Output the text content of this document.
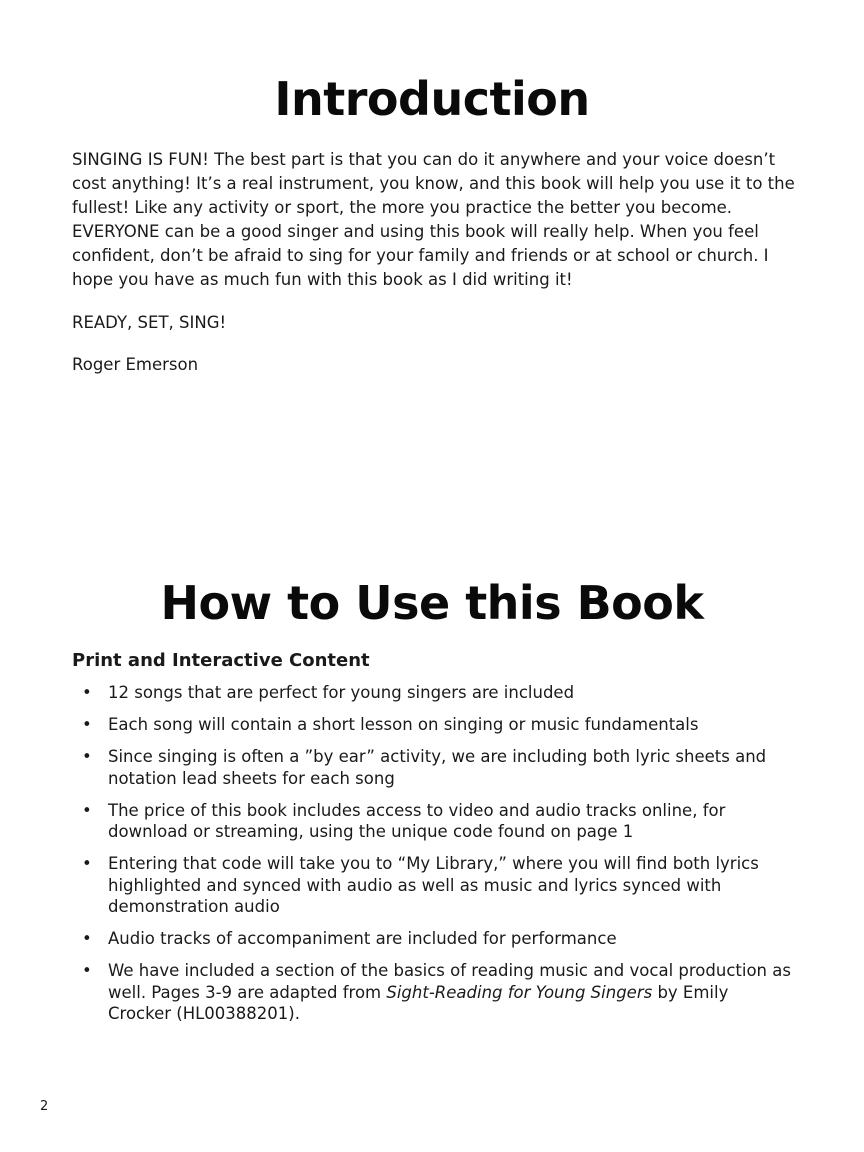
Introduction

SINGING IS FUN! The best part is that you can do it anywhere and your voice doesn’t cost anything! It’s a real instrument, you know, and this book will help you use it to the fullest! Like any activity or sport, the more you practice the better you become. EVERYONE can be a good singer and using this book will really help. When you feel confident, don’t be afraid to sing for your family and friends or at school or church. I hope you have as much fun with this book as I did writing it!

READY, SET, SING!

Roger Emerson

How to Use this Book
Print and Interactive Content
• 12 songs that are perfect for young singers are included
• Each song will contain a short lesson on singing or music fundamentals
• Since singing is often a ”by ear” activity, we are including both lyric sheets and notation lead sheets for each song
• The price of this book includes access to video and audio tracks online, for download or streaming, using the unique code found on page 1
• Entering that code will take you to “My Library,” where you will find both lyrics highlighted and synced with audio as well as music and lyrics synced with demonstration audio
• Audio tracks of accompaniment are included for performance
• We have included a section of the basics of reading music and vocal production as well. Pages 3-9 are adapted from Sight-Reading for Young Singers by Emily Crocker (HL00388201).

2
